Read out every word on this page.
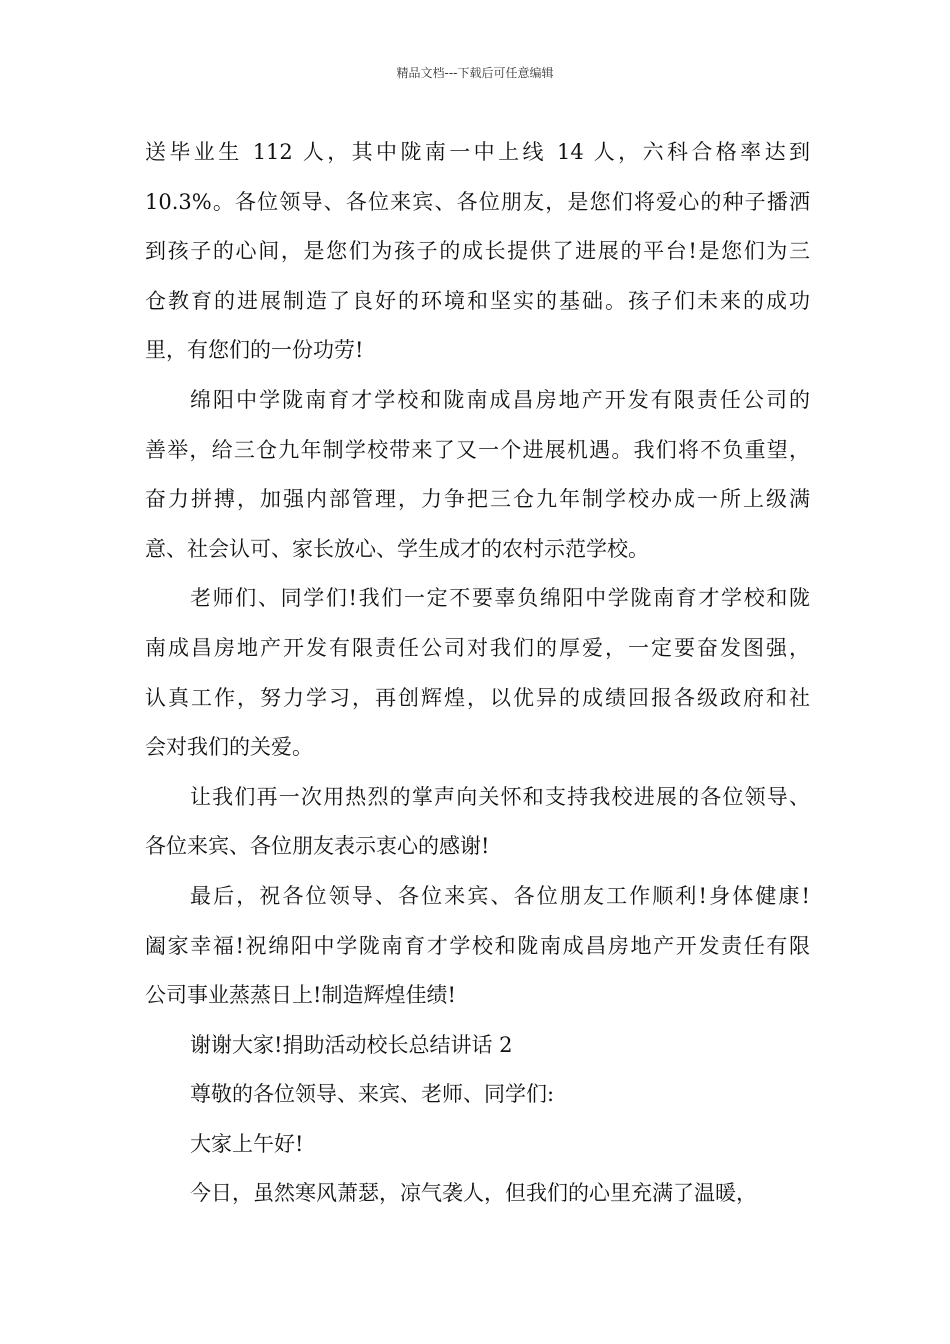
精品文档---下载后可任意编辑
送毕业生 112 人，其中陇南一中上线 14 人，六科合格率达到
10.3%。各位领导、各位来宾、各位朋友，是您们将爱心的种子播洒
到孩子的心间，是您们为孩子的成长提供了进展的平台!是您们为三
仓教育的进展制造了良好的环境和坚实的基础。孩子们未来的成功
里，有您们的一份功劳!
绵阳中学陇南育才学校和陇南成昌房地产开发有限责任公司的
善举，给三仓九年制学校带来了又一个进展机遇。我们将不负重望，
奋力拼搏，加强内部管理，力争把三仓九年制学校办成一所上级满
意、社会认可、家长放心、学生成才的农村示范学校。
老师们、同学们!我们一定不要辜负绵阳中学陇南育才学校和陇
南成昌房地产开发有限责任公司对我们的厚爱，一定要奋发图强，
认真工作，努力学习，再创辉煌，以优异的成绩回报各级政府和社
会对我们的关爱。
让我们再一次用热烈的掌声向关怀和支持我校进展的各位领导、
各位来宾、各位朋友表示衷心的感谢!
最后，祝各位领导、各位来宾、各位朋友工作顺利!身体健康!
阖家幸福!祝绵阳中学陇南育才学校和陇南成昌房地产开发责任有限
公司事业蒸蒸日上!制造辉煌佳绩!
谢谢大家!捐助活动校长总结讲话 2
尊敬的各位领导、来宾、老师、同学们:
大家上午好!
今日，虽然寒风萧瑟，凉气袭人，但我们的心里充满了温暖，
